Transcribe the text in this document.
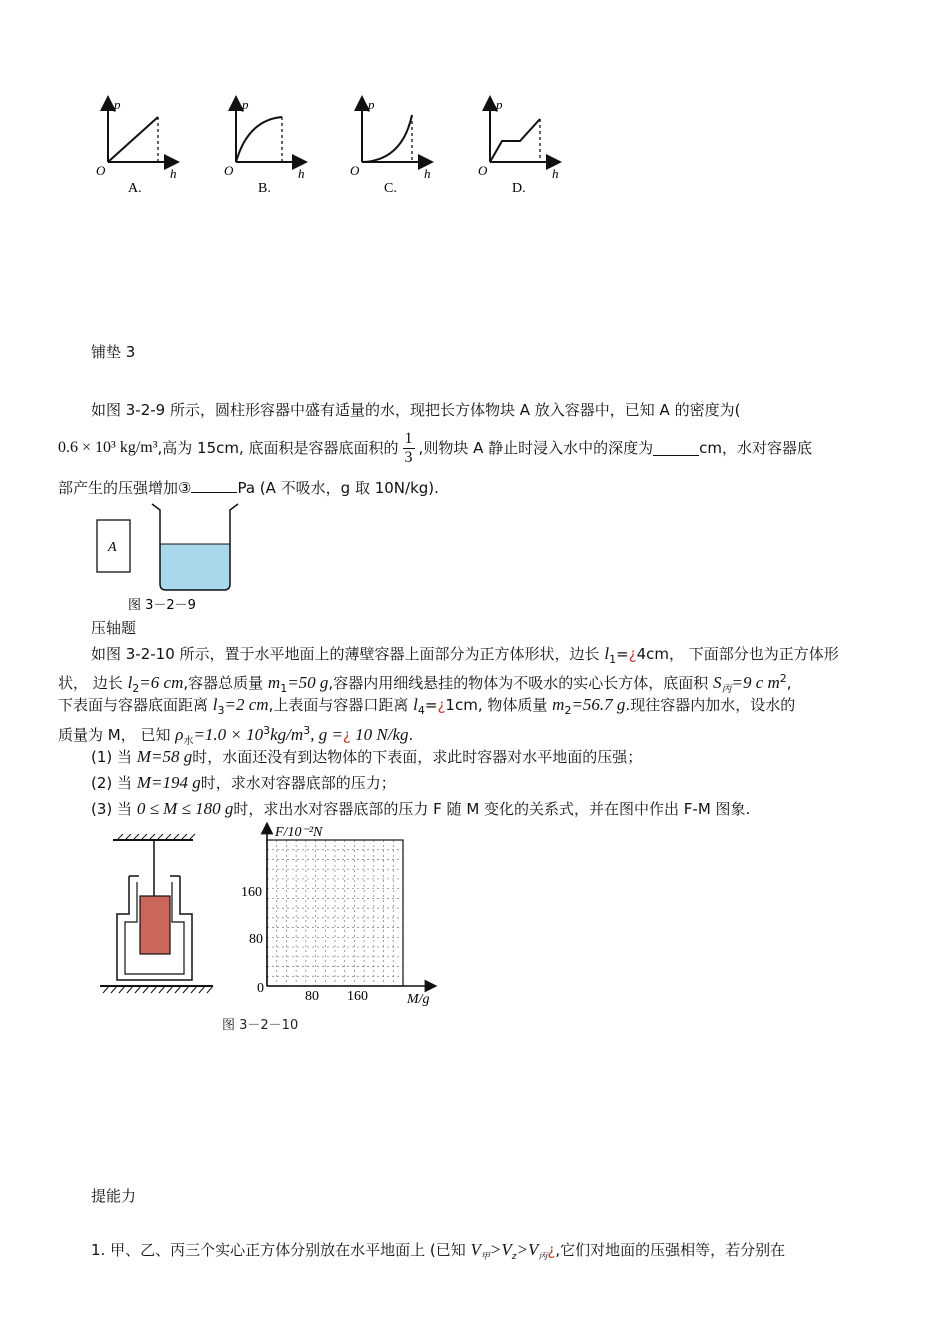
p
h
O
A.
p
h
O
B.
p
h
O
C.
p
h
O
D.
铺垫 3
如图 3-2-9 所示，圆柱形容器中盛有适量的水，现把长方体物块 A 放入容器中，已知 A 的密度为(
0.6 × 10³ kg/m³ ,高为 15cm, 底面积是容器底面积的 $\frac{1}{3}$ ,则物块 A 静止时浸入水中的深度为	cm，水对容器底
部产生的压强增加③	Pa (A 不吸水，g 取 10N/kg).
A
图 3－2－9
压轴题
如图 3-2-10 所示，置于水平地面上的薄壁容器上面部分为正方体形状，边长 $l_1=¿4cm$， 下面部分也为正方体形
状， 边长 $l_2=6$ cm,容器总质量 $m_1=50$ g,容器内用细线悬挂的物体为不吸水的实心长方体，底面积 $S_丙=9$ c $m^2$,
下表面与容器底面距离 $l_3=2$ cm,上表面与容器口距离 $l_4=¿1cm$, 物体质量 $m_2=56.7$ g.现往容器内加水，设水的
质量为 M， 已知 $\rho_水=1.0 \times 10^3kg/m^3$, g =¿ 10 N/kg.
(1) 当 M=58 g时，水面还没有到达物体的下表面，求此时容器对水平地面的压强；
(2) 当 M=194 g时，求水对容器底部的压力；
(3) 当 0 ≤ M ≤ 180 g时，求出水对容器底部的压力 F 随 M 变化的关系式，并在图中作出 F-M 图象.
F/10⁻²N
M/g
160
80
0
80 160
图 3－2－10
提能力
1. 甲、乙、丙三个实心正方体分别放在水平地面上 (已知 $V_甲>V_z>V_丙¿$,它们对地面的压强相等，若分别在
